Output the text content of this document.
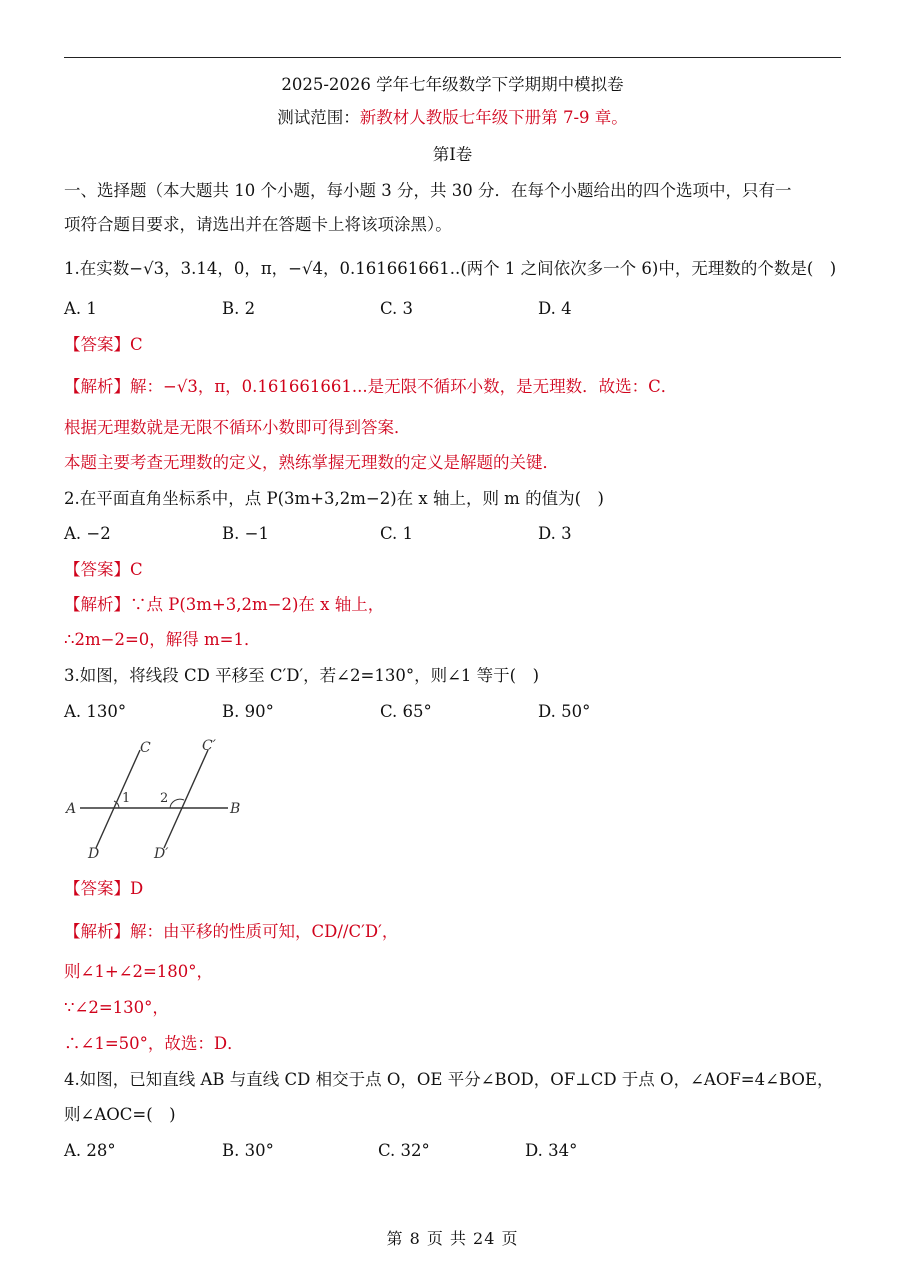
2025-2026 学年七年级数学下学期期中模拟卷
测试范围：新教材人教版七年级下册第 7-9 章。
第Ⅰ卷
一、选择题（本大题共 10 个小题，每小题 3 分，共 30 分．在每个小题给出的四个选项中，只有一
项符合题目要求，请选出并在答题卡上将该项涂黑）。
1.在实数−√3，3.14，0，π，−√4，0.161661661..(两个 1 之间依次多一个 6)中，无理数的个数是(　)
A. 1	B. 2	C. 3	D. 4
【答案】C
【解析】解：−√3，π，0.161661661...是无限不循环小数，是无理数．故选：C．
根据无理数就是无限不循环小数即可得到答案．
本题主要考查无理数的定义，熟练掌握无理数的定义是解题的关键．
2.在平面直角坐标系中，点 P(3m+3,2m−2)在 x 轴上，则 m 的值为(　)
A. −2	B. −1	C. 1	D. 3
【答案】C
【解析】∵点 P(3m+3,2m−2)在 x 轴上，
∴2m−2=0，解得 m=1．
3.如图，将线段 CD 平移至 C′D′，若∠2=130°，则∠1 等于(　)
A. 130°	B. 90°	C. 65°	D. 50°
A	B
C	C′
D	D′
1 2
【答案】D
【解析】解：由平移的性质可知，CD//C′D′，
则∠1+∠2=180°，
∵∠2=130°，
∴∠1=50°，故选：D．
4.如图，已知直线 AB 与直线 CD 相交于点 O，OE 平分∠BOD，OF⊥CD 于点 O，∠AOF=4∠BOE，
则∠AOC=(　)
A. 28°	B. 30°	C. 32°	D. 34°
第 8 页 共 24 页
